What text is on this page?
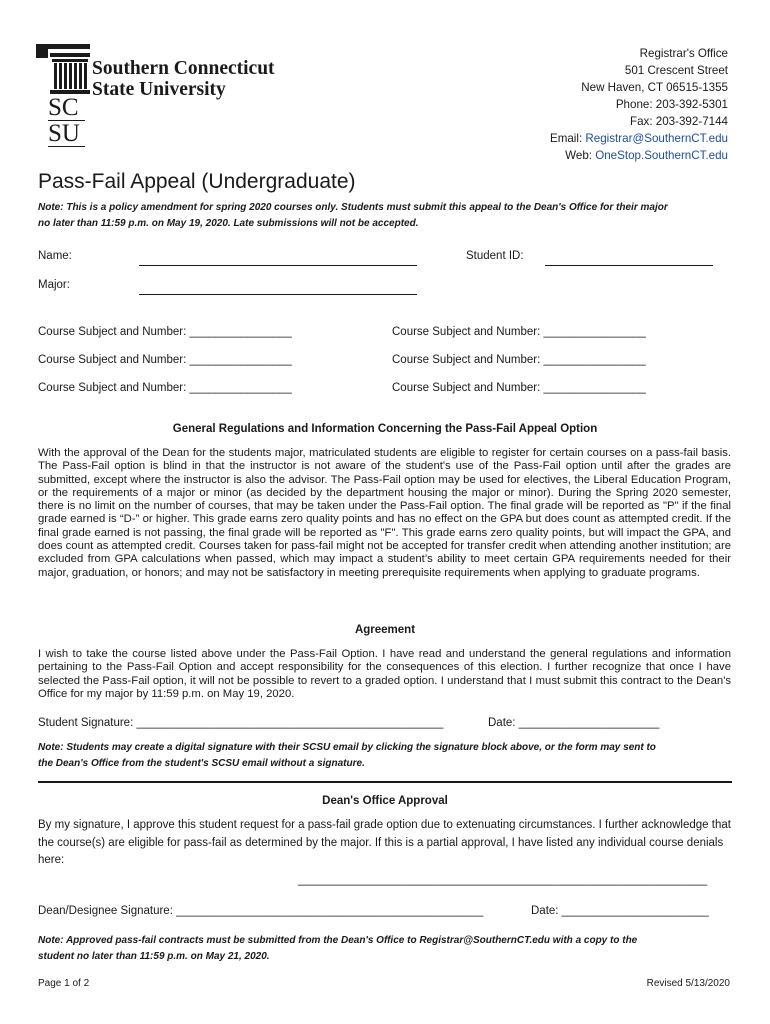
Southern Connecticut
State University
SC
SU
Registrar's Office
501 Crescent Street
New Haven, CT 06515-1355
Phone: 203-392-5301
Fax: 203-392-7144
Email: Registrar@SouthernCT.edu
Web: OneStop.SouthernCT.edu
Pass-Fail Appeal (Undergraduate)
Note: This is a policy amendment for spring 2020 courses only. Students must submit this appeal to the Dean's Office for their major
no later than 11:59 p.m. on May 19, 2020. Late submissions will not be accepted.
Name:	Student ID:
Major:
Course Subject and Number: ________________	Course Subject and Number: ________________
Course Subject and Number: ________________	Course Subject and Number: ________________
Course Subject and Number: ________________	Course Subject and Number: ________________
General Regulations and Information Concerning the Pass-Fail Appeal Option
With the approval of the Dean for the students major, matriculated students are eligible to register for certain courses on a pass-fail basis. The Pass-Fail option is blind in that the instructor is not aware of the student's use of the Pass-Fail option until after the grades are submitted, except where the instructor is also the advisor. The Pass-Fail option may be used for electives, the Liberal Education Program, or the requirements of a major or minor (as decided by the department housing the major or minor). During the Spring 2020 semester, there is no limit on the number of courses, that may be taken under the Pass-Fail option. The final grade will be reported as "P" if the final grade earned is “D-” or higher. This grade earns zero quality points and has no effect on the GPA but does count as attempted credit. If the final grade earned is not passing, the final grade will be reported as "F". This grade earns zero quality points, but will impact the GPA, and does count as attempted credit. Courses taken for pass-fail might not be accepted for transfer credit when attending another institution; are excluded from GPA calculations when passed, which may impact a student’s ability to meet certain GPA requirements needed for their major, graduation, or honors; and may not be satisfactory in meeting prerequisite requirements when applying to graduate programs.
Agreement
I wish to take the course listed above under the Pass-Fail Option. I have read and understand the general regulations and information pertaining to the Pass-Fail Option and accept responsibility for the consequences of this election. I further recognize that once I have selected the Pass-Fail option, it will not be possible to revert to a graded option. I understand that I must submit this contract to the Dean's Office for my major by 11:59 p.m. on May 19, 2020.
Student Signature: ________________________________________________	Date: ______________________
Note: Students may create a digital signature with their SCSU email by clicking the signature block above, or the form may sent to
the Dean's Office from the student's SCSU email without a signature.
Dean's Office Approval
By my signature, I approve this student request for a pass-fail grade option due to extenuating circumstances. I further acknowledge that the course(s) are eligible for pass-fail as determined by the major. If this is a partial approval, I have listed any individual course denials here:
________________________________________________________________
Dean/Designee Signature: ________________________________________________	Date: _______________________
Note: Approved pass-fail contracts must be submitted from the Dean's Office to Registrar@SouthernCT.edu with a copy to the
student no later than 11:59 p.m. on May 21, 2020.
Page 1 of 2	Revised 5/13/2020
